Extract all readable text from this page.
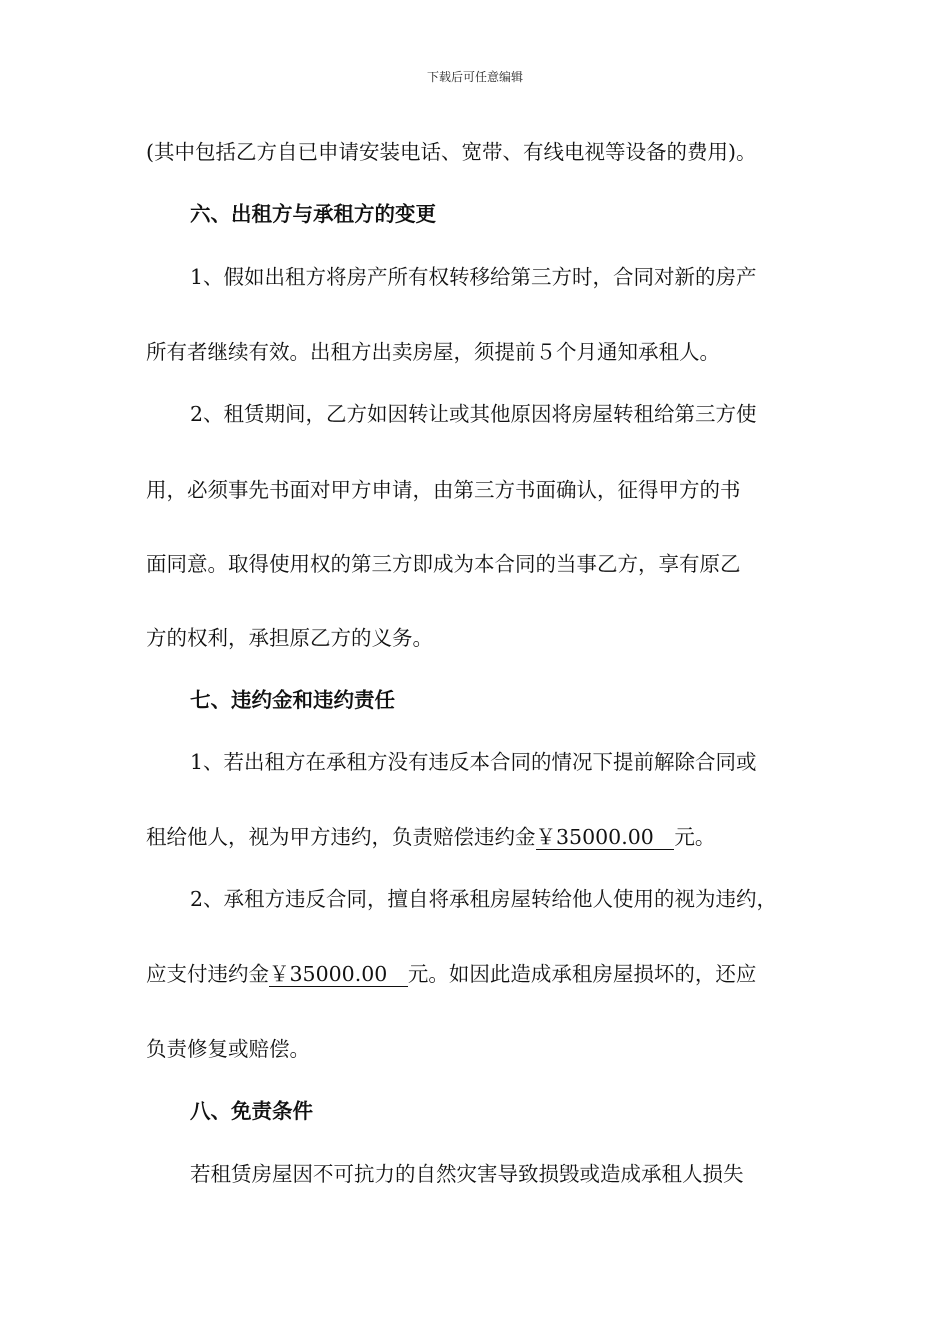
下载后可任意编辑
(其中包括乙方自已申请安装电话、宽带、有线电视等设备的费用)。
六、出租方与承租方的变更
1、假如出租方将房产所有权转移给第三方时，合同对新的房产
所有者继续有效。出租方出卖房屋，须提前５个月通知承租人。
2、租赁期间，乙方如因转让或其他原因将房屋转租给第三方使
用，必须事先书面对甲方申请，由第三方书面确认，征得甲方的书
面同意。取得使用权的第三方即成为本合同的当事乙方，享有原乙
方的权利，承担原乙方的义务。
七、违约金和违约责任
1、若出租方在承租方没有违反本合同的情况下提前解除合同或
租给他人，视为甲方违约，负责赔偿违约金￥35000.00　元。
2、承租方违反合同，擅自将承租房屋转给他人使用的视为违约，
应支付违约金￥35000.00　元。如因此造成承租房屋损坏的，还应
负责修复或赔偿。
八、免责条件
若租赁房屋因不可抗力的自然灾害导致损毁或造成承租人损失
